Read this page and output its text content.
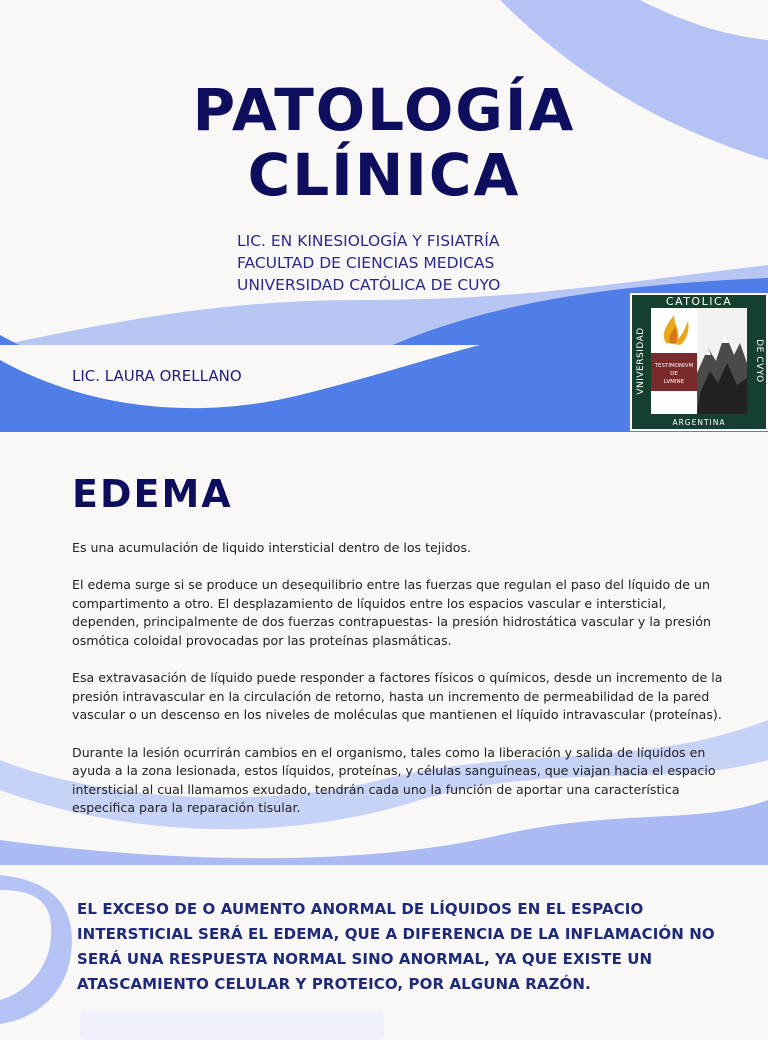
PATOLOGÍA
CLÍNICA
LIC. EN KINESIOLOGÍA Y FISIATRÍA
FACULTAD DE CIENCIAS MEDICAS
UNIVERSIDAD CATÓLICA DE CUYO
LIC. LAURA ORELLANO
CATOLICA
ARGENTINA
VNIVERSIDAD	DE CVYO
TESTIMONIVM
DE
LVMINE
EDEMA

Es una acumulación de liquido intersticial dentro de los tejidos.

El edema surge si se produce un desequilibrio entre las fuerzas que regulan el paso del líquido de un compartimento a otro. El desplazamiento de líquidos entre los espacios vascular e intersticial, dependen, principalmente de dos fuerzas contrapuestas- la presión hidrostática vascular y la presión osmótica coloidal provocadas por las proteínas plasmáticas.

Esa extravasación de líquido puede responder a factores físicos o químicos, desde un incremento de la presión intravascular en la circulación de retorno, hasta un incremento de permeabilidad de la pared vascular o un descenso en los niveles de moléculas que mantienen el líquido intravascular (proteínas).

Durante la lesión ocurrirán cambios en el organismo, tales como la liberación y salida de líquidos en ayuda a la zona lesionada, estos líquidos, proteínas, y células sanguíneas, que viajan hacia el espacio intersticial al cual llamamos exudado, tendrán cada uno la función de aportar una característica especifica para la reparación tisular.

EL EXCESO DE O AUMENTO ANORMAL DE LÍQUIDOS EN EL ESPACIO INTERSTICIAL SERÁ EL EDEMA, QUE A DIFERENCIA DE LA INFLAMACIÓN NO SERÁ UNA RESPUESTA NORMAL SINO ANORMAL, YA QUE EXISTE UN ATASCAMIENTO CELULAR Y PROTEICO, POR ALGUNA RAZÓN.
